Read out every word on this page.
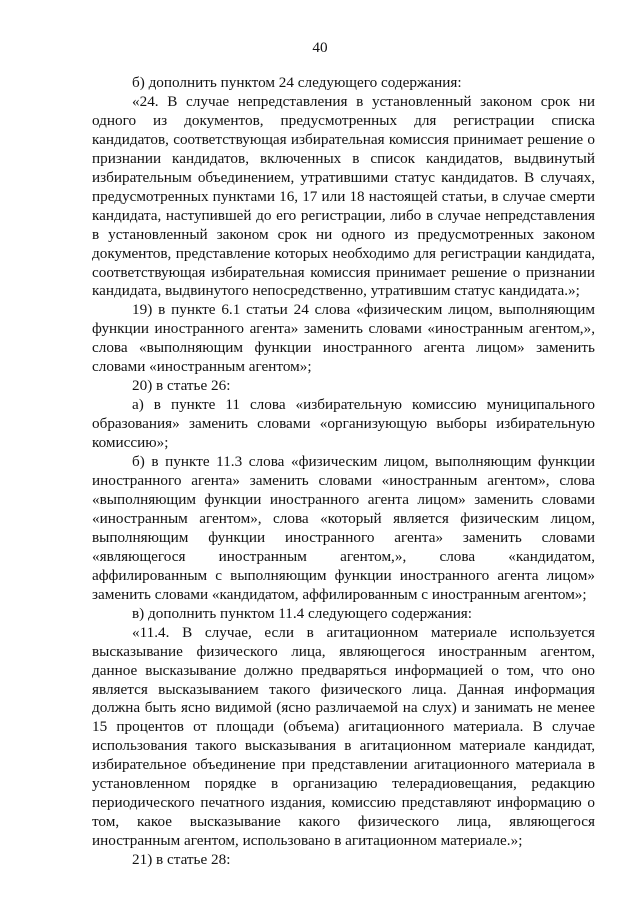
40

б) дополнить пунктом 24 следующего содержания:

«24. В случае непредставления в установленный законом срок ни одного из документов, предусмотренных для регистрации списка кандидатов, соответствующая избирательная комиссия принимает решение о признании кандидатов, включенных в список кандидатов, выдвинутый избирательным объединением, утратившими статус кандидатов. В случаях, предусмотренных пунктами 16, 17 или 18 настоящей статьи, в случае смерти кандидата, наступившей до его регистрации, либо в случае непредставления в установленный законом срок ни одного из предусмотренных законом документов, представление которых необходимо для регистрации кандидата, соответствующая избирательная комиссия принимает решение о признании кандидата, выдвинутого непосредственно, утратившим статус кандидата.»;

19) в пункте 6.1 статьи 24 слова «физическим лицом, выполняющим функции иностранного агента» заменить словами «иностранным агентом,», слова «выполняющим функции иностранного агента лицом» заменить словами «иностранным агентом»;

20) в статье 26:

а) в пункте 11 слова «избирательную комиссию муниципального образования» заменить словами «организующую выборы избирательную комиссию»;

б) в пункте 11.3 слова «физическим лицом, выполняющим функции иностранного агента» заменить словами «иностранным агентом», слова «выполняющим функции иностранного агента лицом» заменить словами «иностранным агентом», слова «который является физическим лицом, выполняющим функции иностранного агента» заменить словами «являющегося иностранным агентом,», слова «кандидатом, аффилированным с выполняющим функции иностранного агента лицом» заменить словами «кандидатом, аффилированным с иностранным агентом»;

в) дополнить пунктом 11.4 следующего содержания:

«11.4. В случае, если в агитационном материале используется высказывание физического лица, являющегося иностранным агентом, данное высказывание должно предваряться информацией о том, что оно является высказыванием такого физического лица. Данная информация должна быть ясно видимой (ясно различаемой на слух) и занимать не менее 15 процентов от площади (объема) агитационного материала. В случае использования такого высказывания в агитационном материале кандидат, избирательное объединение при представлении агитационного материала в установленном порядке в организацию телерадиовещания, редакцию периодического печатного издания, комиссию представляют информацию о том, какое высказывание какого физического лица, являющегося иностранным агентом, использовано в агитационном материале.»;

21) в статье 28:
